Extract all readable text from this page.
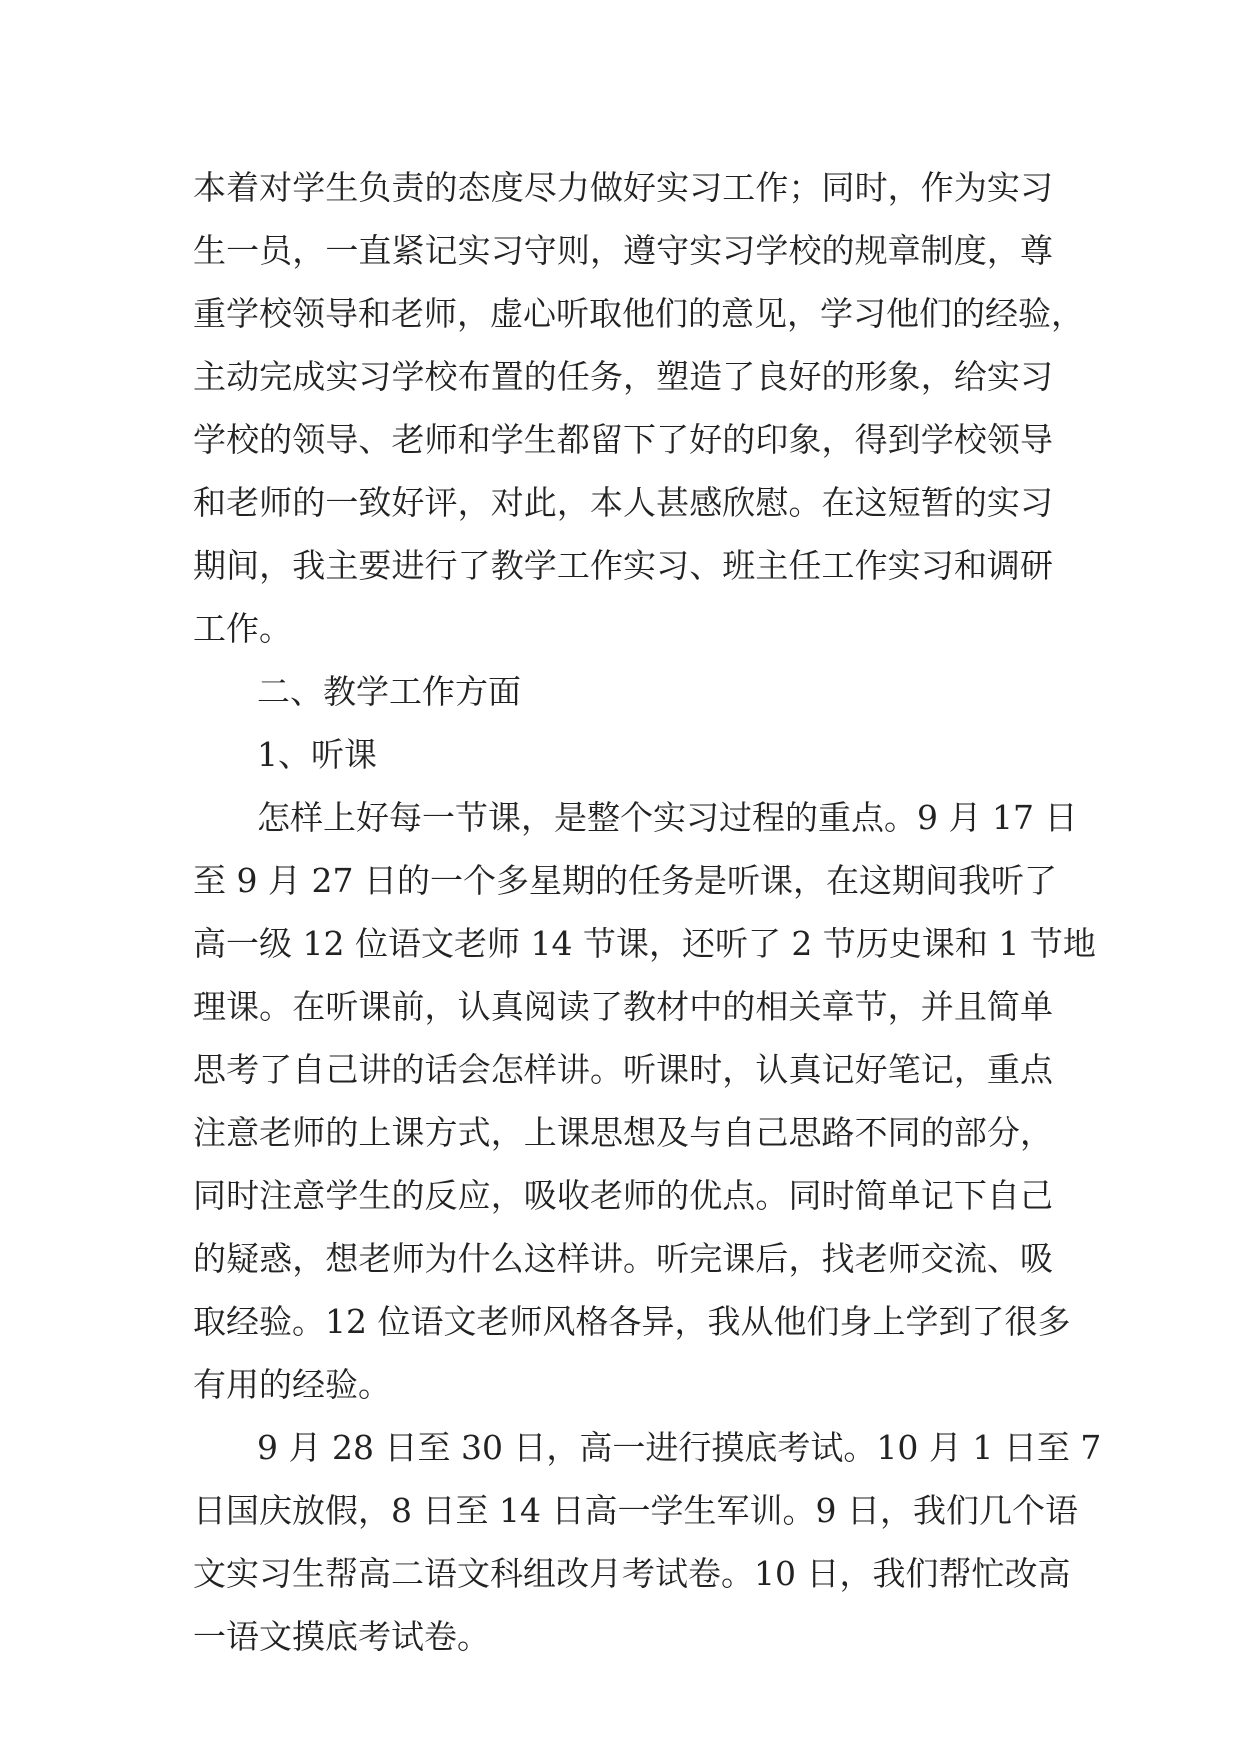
本着对学生负责的态度尽力做好实习工作；同时，作为实习
生一员，一直紧记实习守则，遵守实习学校的规章制度，尊
重学校领导和老师，虚心听取他们的意见，学习他们的经验，
主动完成实习学校布置的任务，塑造了良好的形象，给实习
学校的领导、老师和学生都留下了好的印象，得到学校领导
和老师的一致好评，对此，本人甚感欣慰。在这短暂的实习
期间，我主要进行了教学工作实习、班主任工作实习和调研
工作。
二、教学工作方面
1、听课
怎样上好每一节课，是整个实习过程的重点。9 月 17 日
至 9 月 27 日的一个多星期的任务是听课，在这期间我听了
高一级 12 位语文老师 14 节课，还听了 2 节历史课和 1 节地
理课。在听课前，认真阅读了教材中的相关章节，并且简单
思考了自己讲的话会怎样讲。听课时，认真记好笔记，重点
注意老师的上课方式，上课思想及与自己思路不同的部分，
同时注意学生的反应，吸收老师的优点。同时简单记下自己
的疑惑，想老师为什么这样讲。听完课后，找老师交流、吸
取经验。12 位语文老师风格各异，我从他们身上学到了很多
有用的经验。
9 月 28 日至 30 日，高一进行摸底考试。10 月 1 日至 7
日国庆放假，8 日至 14 日高一学生军训。9 日，我们几个语
文实习生帮高二语文科组改月考试卷。10 日，我们帮忙改高
一语文摸底考试卷。
